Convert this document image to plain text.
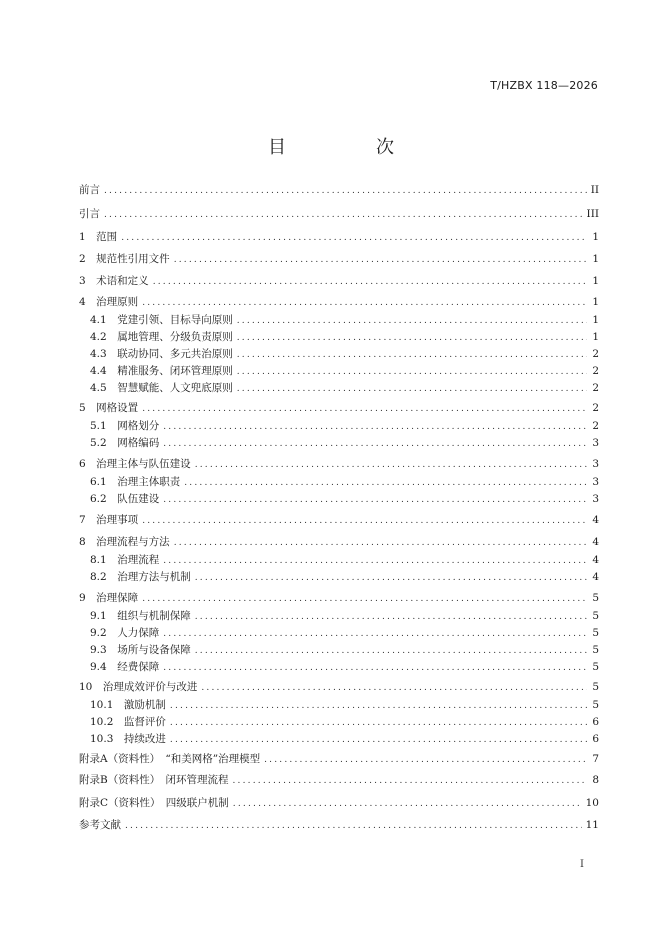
T/HZBX 118—2026
目　次
前言 .....	II
引言 .....	III
1　范围 .....	1
2　规范性引用文件 .....	1
3　术语和定义 .....	1
4　治理原则 .....	1
4.1　党建引领、目标导向原则 .....	1
4.2　属地管理、分级负责原则 .....	1
4.3　联动协同、多元共治原则 .....	2
4.4　精准服务、闭环管理原则 .....	2
4.5　智慧赋能、人文兜底原则 .....	2
5　网格设置 .....	2
5.1　网格划分 .....	2
5.2　网格编码 .....	3
6　治理主体与队伍建设 .....	3
6.1　治理主体职责 .....	3
6.2　队伍建设 .....	3
7　治理事项 .....	4
8　治理流程与方法 .....	4
8.1　治理流程 .....	4
8.2　治理方法与机制 .....	4
9　治理保障 .....	5
9.1　组织与机制保障 .....	5
9.2　人力保障 .....	5
9.3　场所与设备保障 .....	5
9.4　经费保障 .....	5
10　治理成效评价与改进 .....	5
10.1　激励机制 .....	5
10.2　监督评价 .....	6
10.3　持续改进 .....	6
附录A（资料性）　“和美网格”治理模型 .....	7
附录B（资料性）　闭环管理流程 .....	8
附录C（资料性）　四级联户机制 .....	10
参考文献 .....	11
I
